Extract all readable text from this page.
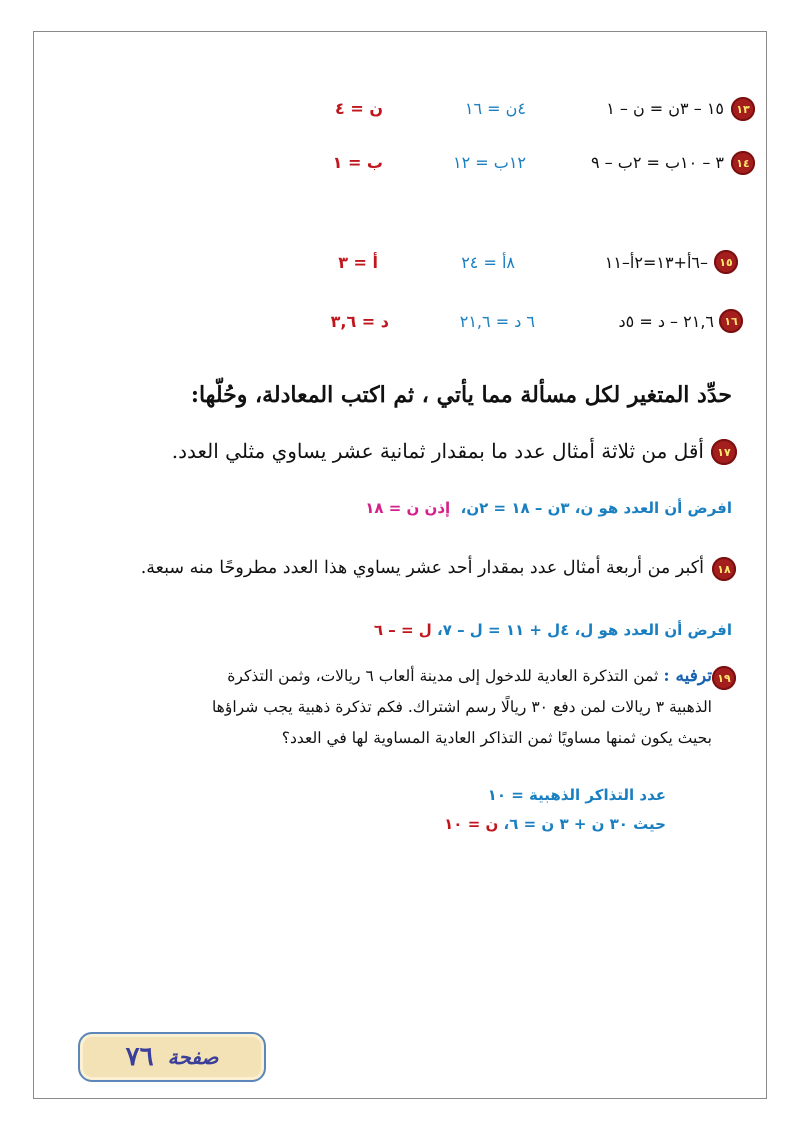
١٣
١٥ – ٣ن = ن – ١
٤ن = ١٦
ن = ٤
١٤
٣ – ١٠ب = ٢ب – ٩
١٢ب = ١٢
ب = ١
١٥
–٦أ+١٣=٢أ–١١
٨أ = ٢٤
أ = ٣
١٦
٢١,٦ – د = ٥د
٦ د = ٢١,٦
د = ٣,٦
حدِّد المتغير لكل مسألة مما يأتي ، ثم اكتب المعادلة، وحُلّها:
١٧
أقل من ثلاثة أمثال عدد ما بمقدار ثمانية عشر يساوي مثلي العدد.
افرض أن العدد هو ن، ٣ن – ١٨ = ٢ن،  إذن ن = ١٨
١٨
أكبر من أربعة أمثال عدد بمقدار أحد عشر يساوي هذا العدد مطروحًا منه سبعة.
افرض أن العدد هو ل، ٤ل + ١١ = ل – ٧، ل = – ٦
١٩
ترفيه : ثمن التذكرة العادية للدخول إلى مدينة ألعاب ٦ ريالات، وثمن التذكرة
الذهبية ٣ ريالات لمن دفع ٣٠ ريالًا رسم اشتراك. فكم تذكرة ذهبية يجب شراؤها
بحيث يكون ثمنها مساويًا ثمن التذاكر العادية المساوية لها في العدد؟
عدد التذاكر الذهبية = ١٠
حيث ٣٠ ن + ٣ ن = ٦، ن = ١٠
صفحة
٧٦
